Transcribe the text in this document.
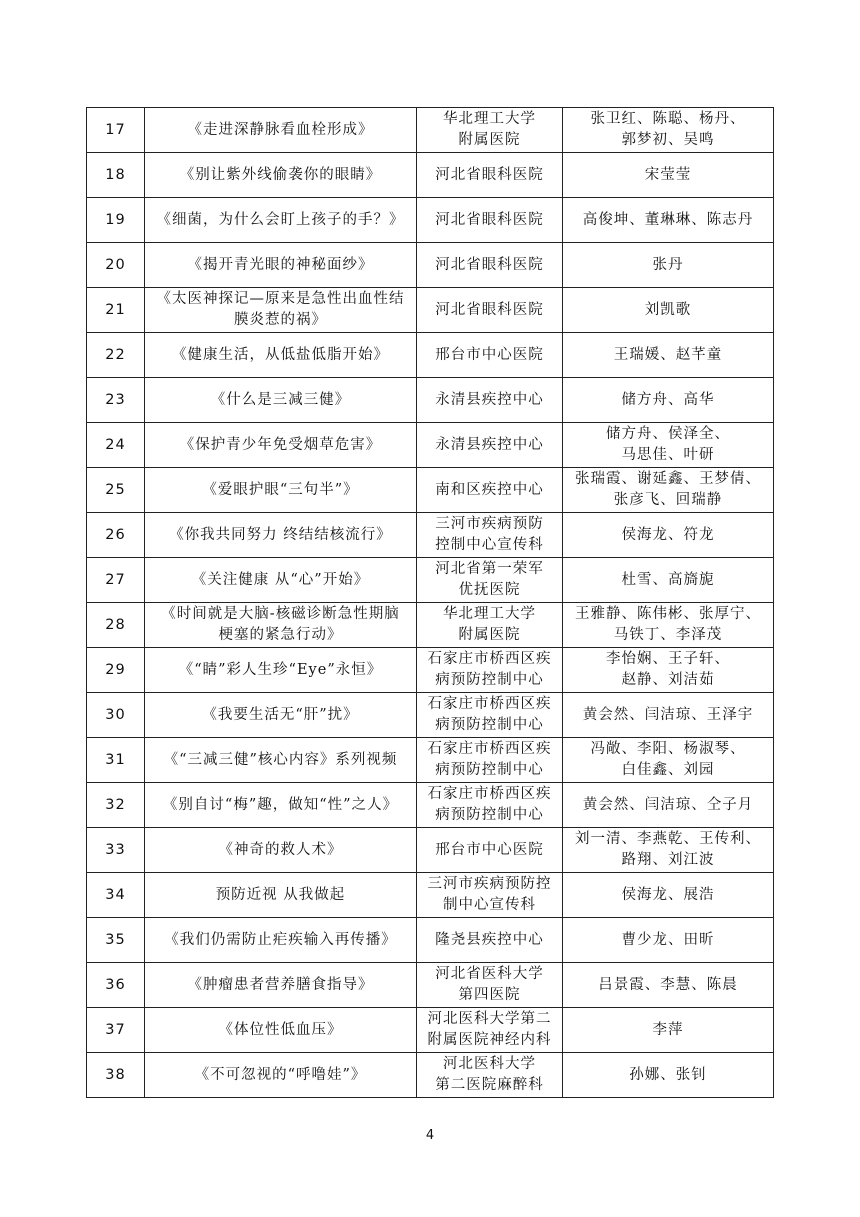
17	《走进深静脉看血栓形成》	华北理工大学
附属医院	张卫红、陈聪、杨丹、
郭梦初、吴鸣

18	《别让紫外线偷袭你的眼睛》	河北省眼科医院	宋莹莹

19	《细菌，为什么会盯上孩子的手？》	河北省眼科医院	高俊坤、董琳琳、陈志丹

20	《揭开青光眼的神秘面纱》	河北省眼科医院	张丹

21	《太医神探记—原来是急性出血性结
膜炎惹的祸》	河北省眼科医院	刘凯歌

22	《健康生活，从低盐低脂开始》	邢台市中心医院	王瑞媛、赵芊童

23	《什么是三减三健》	永清县疾控中心	储方舟、高华

24	《保护青少年免受烟草危害》	永清县疾控中心	储方舟、侯泽全、
马思佳、叶研

25	《爱眼护眼“三句半”》	南和区疾控中心	张瑞霞、谢延鑫、王梦倩、
张彦飞、回瑞静

26	《你我共同努力 终结结核流行》	三河市疾病预防
控制中心宣传科	侯海龙、符龙

27	《关注健康 从“心”开始》	河北省第一荣军
优抚医院	杜雪、高旖旎

28	《时间就是大脑-核磁诊断急性期脑
梗塞的紧急行动》	华北理工大学
附属医院	王雅静、陈伟彬、张厚宁、
马铁丁、李泽茂

29	《“睛”彩人生珍“Eye”永恒》	石家庄市桥西区疾
病预防控制中心	李怡娴、王子轩、
赵静、刘洁茹

30	《我要生活无“肝”扰》	石家庄市桥西区疾
病预防控制中心	黄会然、闫洁琼、王泽宇

31	《“三减三健”核心内容》系列视频	石家庄市桥西区疾
病预防控制中心	冯敞、李阳、杨淑琴、
白佳鑫、刘园

32	《别自讨“梅”趣，做知“性”之人》	石家庄市桥西区疾
病预防控制中心	黄会然、闫洁琼、仝子月

33	《神奇的救人术》	邢台市中心医院	刘一清、李燕乾、王传利、
路翔、刘江波

34	预防近视 从我做起	三河市疾病预防控
制中心宣传科	侯海龙、展浩

35	《我们仍需防止疟疾输入再传播》	隆尧县疾控中心	曹少龙、田昕

36	《肿瘤患者营养膳食指导》	河北省医科大学
第四医院	吕景霞、李慧、陈晨

37	《体位性低血压》	河北医科大学第二
附属医院神经内科	李萍

38	《不可忽视的“呼噜娃”》	河北医科大学
第二医院麻醉科	孙娜、张钊
4
